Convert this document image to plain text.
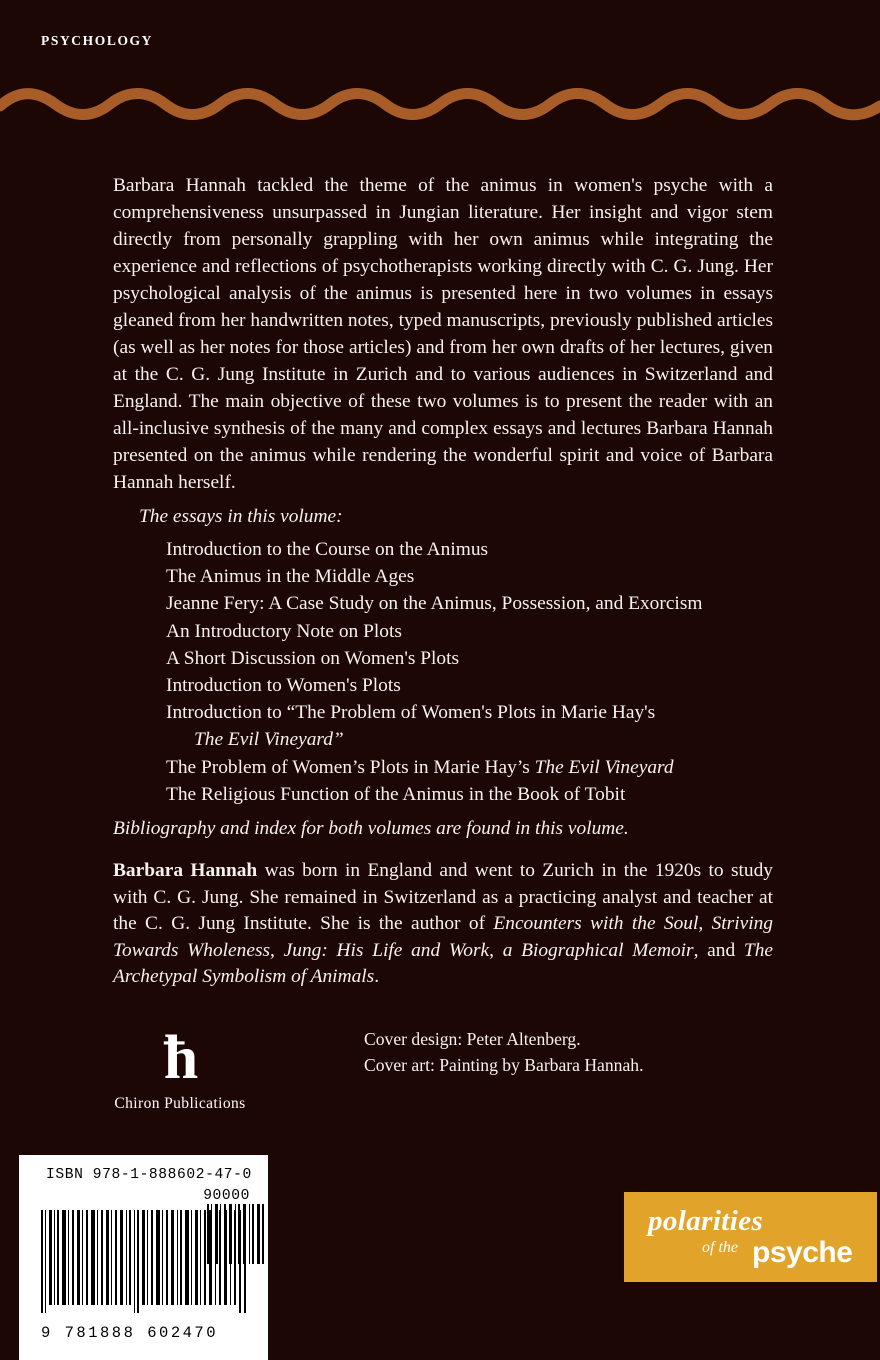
PSYCHOLOGY
Barbara Hannah tackled the theme of the animus in women's psyche with a comprehensiveness unsurpassed in Jungian literature. Her insight and vigor stem directly from personally grappling with her own animus while integrating the experience and reflections of psychotherapists working directly with C. G. Jung. Her psychological analysis of the animus is presented here in two volumes in essays gleaned from her handwritten notes, typed manuscripts, previously published articles (as well as her notes for those articles) and from her own drafts of her lectures, given at the C. G. Jung Institute in Zurich and to various audiences in Switzerland and England. The main objective of these two volumes is to present the reader with an all-inclusive synthesis of the many and complex essays and lectures Barbara Hannah presented on the animus while rendering the wonderful spirit and voice of Barbara Hannah herself.
The essays in this volume:
Introduction to the Course on the Animus
The Animus in the Middle Ages
Jeanne Fery: A Case Study on the Animus, Possession, and Exorcism
An Introductory Note on Plots
A Short Discussion on Women's Plots
Introduction to Women's Plots
Introduction to “The Problem of Women's Plots in Marie Hay's
The Evil Vineyard”
The Problem of Women’s Plots in Marie Hay’s The Evil Vineyard
The Religious Function of the Animus in the Book of Tobit
Bibliography and index for both volumes are found in this volume.
Barbara Hannah was born in England and went to Zurich in the 1920s to study with C. G. Jung. She remained in Switzerland as a practicing analyst and teacher at the C. G. Jung Institute. She is the author of Encounters with the Soul, Striving Towards Wholeness, Jung: His Life and Work, a Biographical Memoir, and The Archetypal Symbolism of Animals.
ħ
Chiron Publications
Cover design: Peter Altenberg.
Cover art: Painting by Barbara Hannah.
ISBN 978-1-888602-47-0
90000
9 781888 602470
polarities
of the psyche
